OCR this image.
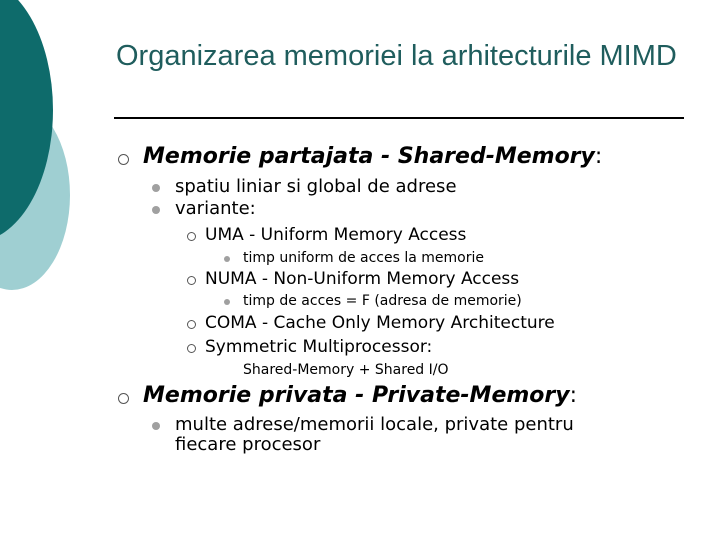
Organizarea memoriei la arhitecturile MIMD
Memorie partajata - Shared-Memory:
spatiu liniar si global de adrese
variante:
UMA - Uniform Memory Access
timp uniform de acces la memorie
NUMA - Non-Uniform Memory Access
timp de acces = F (adresa de memorie)
COMA - Cache Only Memory Architecture
Symmetric Multiprocessor:
Shared-Memory + Shared I/O
Memorie privata - Private-Memory:
multe adrese/memorii locale, private pentru
fiecare procesor
